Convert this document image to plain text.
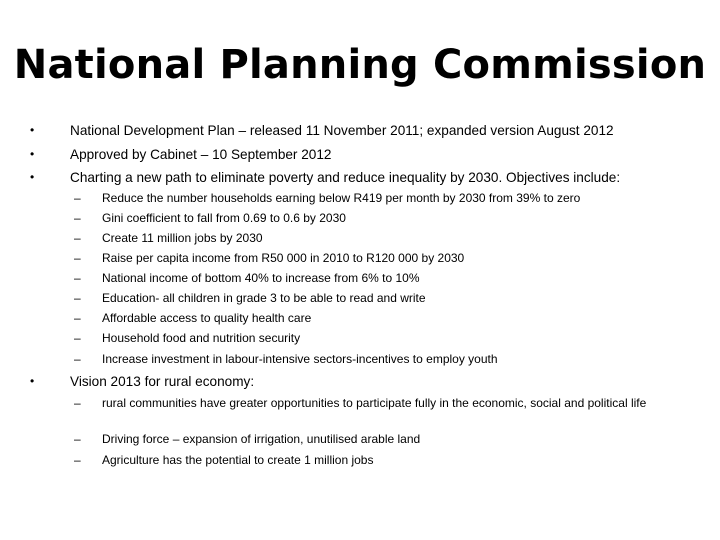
National Planning Commission
•	National Development Plan – released 11 November 2011; expanded version August 2012
•	Approved by Cabinet – 10 September 2012
•	Charting a new path to eliminate poverty and reduce inequality by 2030. Objectives include:
– Reduce the number households earning below R419 per month by 2030 from 39% to zero
– Gini coefficient to fall from 0.69 to 0.6 by 2030
– Create 11 million jobs by 2030
– Raise per capita income from R50 000 in 2010 to R120 000 by 2030
– National income of bottom 40% to increase from 6% to 10%
– Education- all children in grade 3 to be able to read and write
– Affordable access to quality health care
– Household food and nutrition security
– Increase investment in labour-intensive sectors-incentives to employ youth
•	Vision 2013 for rural economy:
– rural communities have greater opportunities to participate fully in the economic, social and political life
– Driving force – expansion of irrigation, unutilised arable land
– Agriculture has the potential to create 1 million jobs
